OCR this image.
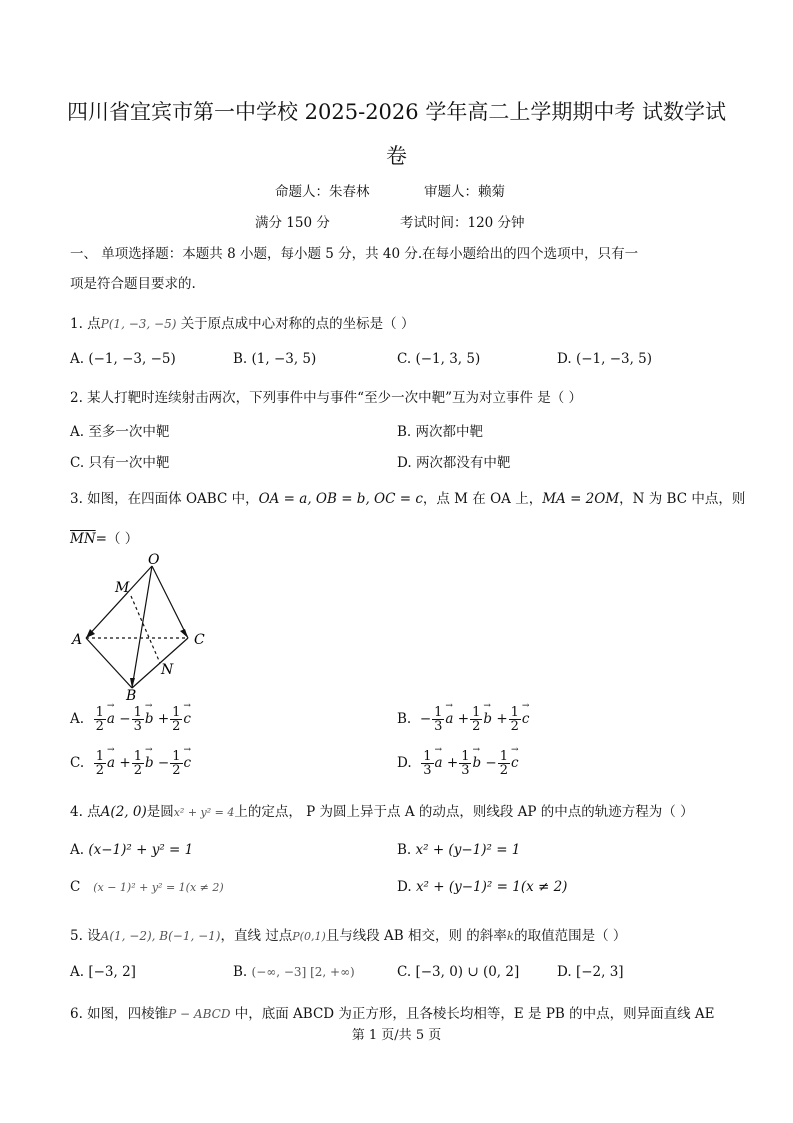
四川省宜宾市第一中学校 2025-2026 学年高二上学期期中考 试数学试
卷
命题人：朱春林	审题人：赖菊
满分 150 分	考试时间：120 分钟
一、 单项选择题：本题共 8 小题，每小题 5 分，共 40 分.在每小题给出的四个选项中，只有一
项是符合题目要求的.
1. 点P(1, −3, −5) 关于原点成中心对称的点的坐标是（ ）
A. (−1, −3, −5)	B. (1, −3, 5)	C. (−1, 3, 5)	D. (−1, −3, 5)
2. 某人打靶时连续射击两次，下列事件中与事件“至少一次中靶”互为对立事件 是（ ）
A. 至多一次中靶	B. 两次都中靶
C. 只有一次中靶	D. 两次都没有中靶
3. 如图，在四面体 OABC 中，OA = a, OB = b, OC = c，点 M 在 OA 上，MA = 2OM，N 为 BC 中点，则
$\overline{MN}=$（ ）
O
M
A	C
N
B
A. $\frac{1}{2} \to a - \frac{1}{3} \to b + \frac{1}{2} \to c$	B. − $\frac{1}{3} \to a + \frac{1}{2} \to b + \frac{1}{2} \to c$
C. $\frac{1}{2} \to a + \frac{1}{2} \to b - \frac{1}{2} \to c$	D. $\frac{1}{3} \to a + \frac{1}{3} \to b - \frac{1}{2} \to c$
4. 点A(2, 0)是圆x² + y² = 4上的定点， P 为圆上异于点 A 的动点，则线段 AP 的中点的轨迹方程为（ ）
A. (x−1)² + y² = 1	B. x² + (y−1)² = 1
C (x − 1)² + y² = 1(x ≠ 2)	D. x² + (y−1)² = 1(x ≠ 2)
5. 设A(1, −2), B(−1, −1)，直线 过点P(0,1)且与线段 AB 相交，则 的斜率k的取值范围是（ ）
A. [−3, 2]	B. (−∞, −3] [2, +∞)	C. [−3, 0) ∪ (0, 2]	D. [−2, 3]
6. 如图，四棱锥P − ABCD 中，底面 ABCD 为正方形，且各棱长均相等，E 是 PB 的中点，则异面直线 AE
第 1 页/共 5 页
